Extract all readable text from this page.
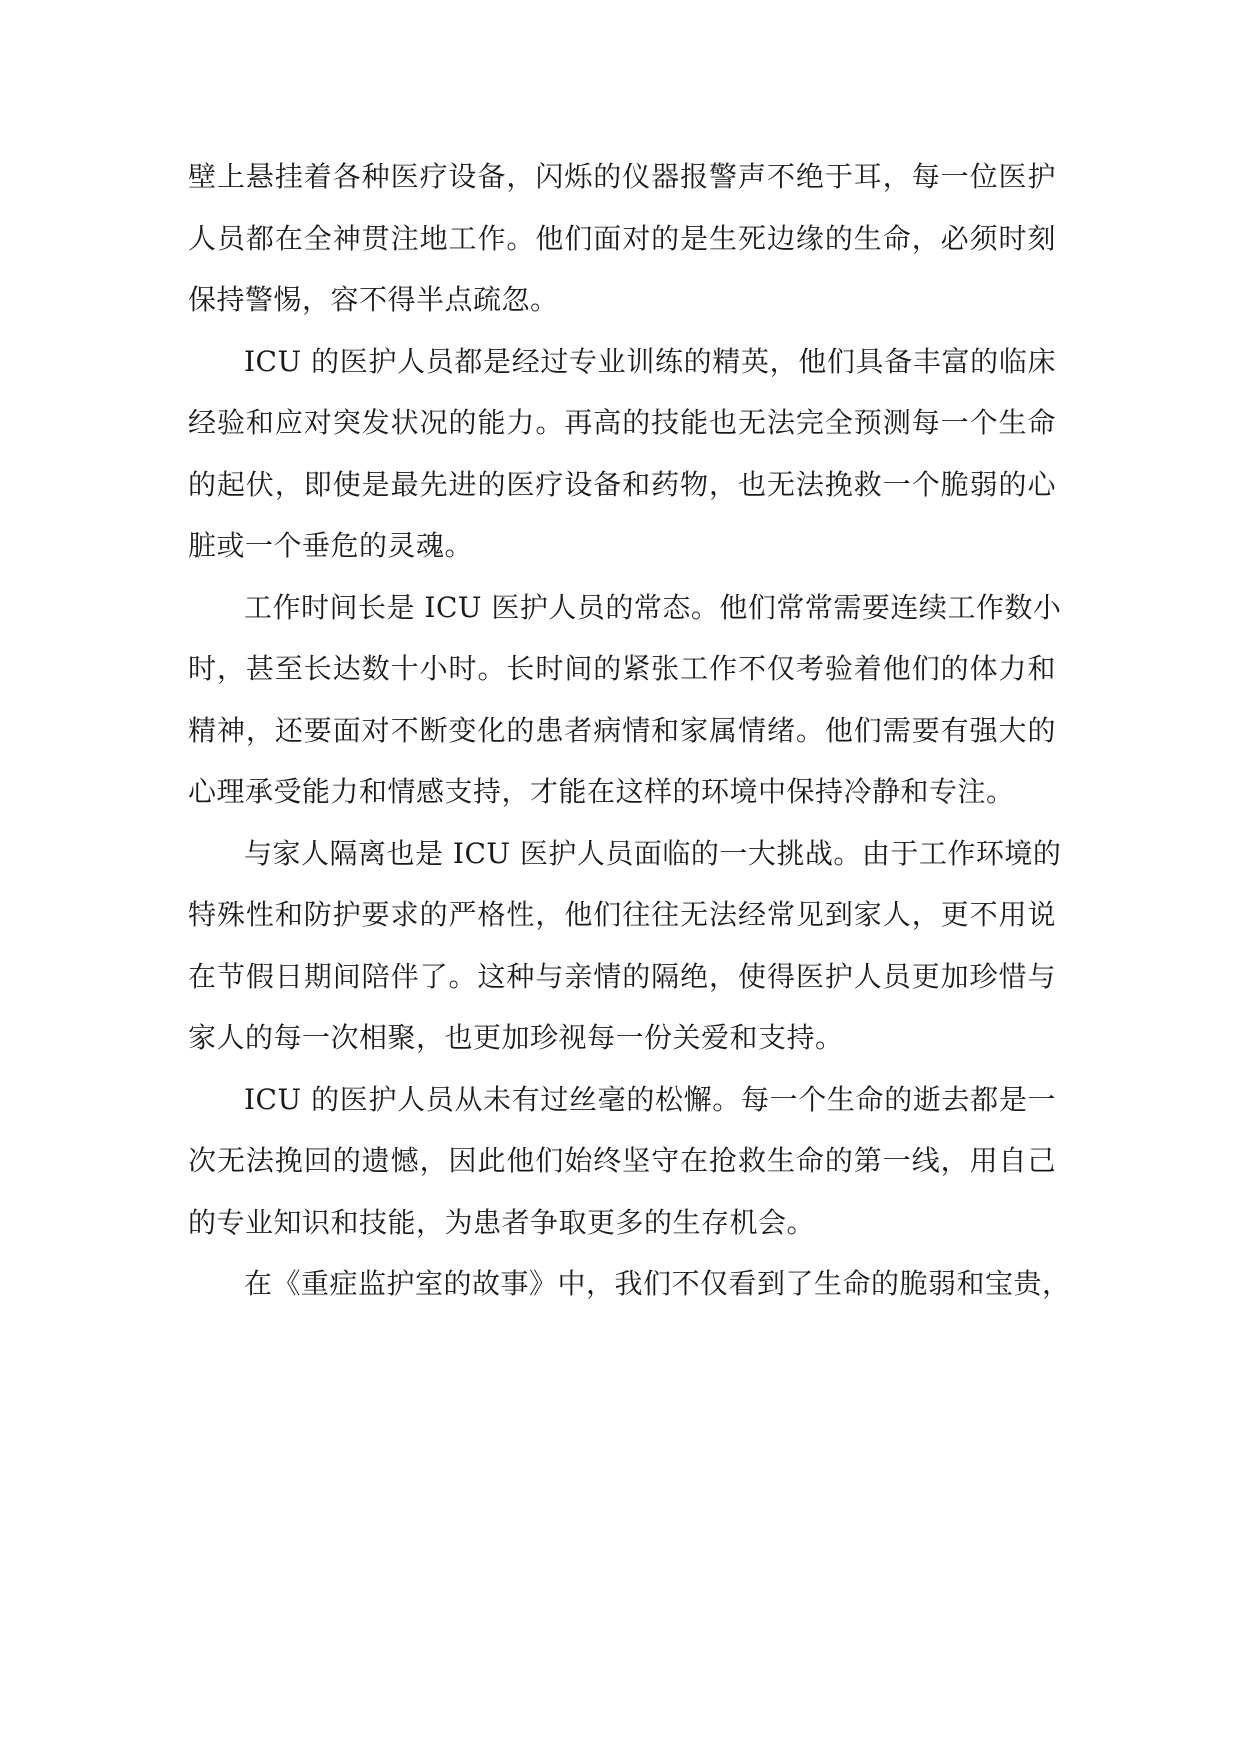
壁上悬挂着各种医疗设备，闪烁的仪器报警声不绝于耳，每一位医护
人员都在全神贯注地工作。他们面对的是生死边缘的生命，必须时刻
保持警惕，容不得半点疏忽。

ICU 的医护人员都是经过专业训练的精英，他们具备丰富的临床
经验和应对突发状况的能力。再高的技能也无法完全预测每一个生命
的起伏，即使是最先进的医疗设备和药物，也无法挽救一个脆弱的心
脏或一个垂危的灵魂。

工作时间长是 ICU 医护人员的常态。他们常常需要连续工作数小
时，甚至长达数十小时。长时间的紧张工作不仅考验着他们的体力和
精神，还要面对不断变化的患者病情和家属情绪。他们需要有强大的
心理承受能力和情感支持，才能在这样的环境中保持冷静和专注。

与家人隔离也是 ICU 医护人员面临的一大挑战。由于工作环境的
特殊性和防护要求的严格性，他们往往无法经常见到家人，更不用说
在节假日期间陪伴了。这种与亲情的隔绝，使得医护人员更加珍惜与
家人的每一次相聚，也更加珍视每一份关爱和支持。

ICU 的医护人员从未有过丝毫的松懈。每一个生命的逝去都是一
次无法挽回的遗憾，因此他们始终坚守在抢救生命的第一线，用自己
的专业知识和技能，为患者争取更多的生存机会。

在《重症监护室的故事》中，我们不仅看到了生命的脆弱和宝贵，
